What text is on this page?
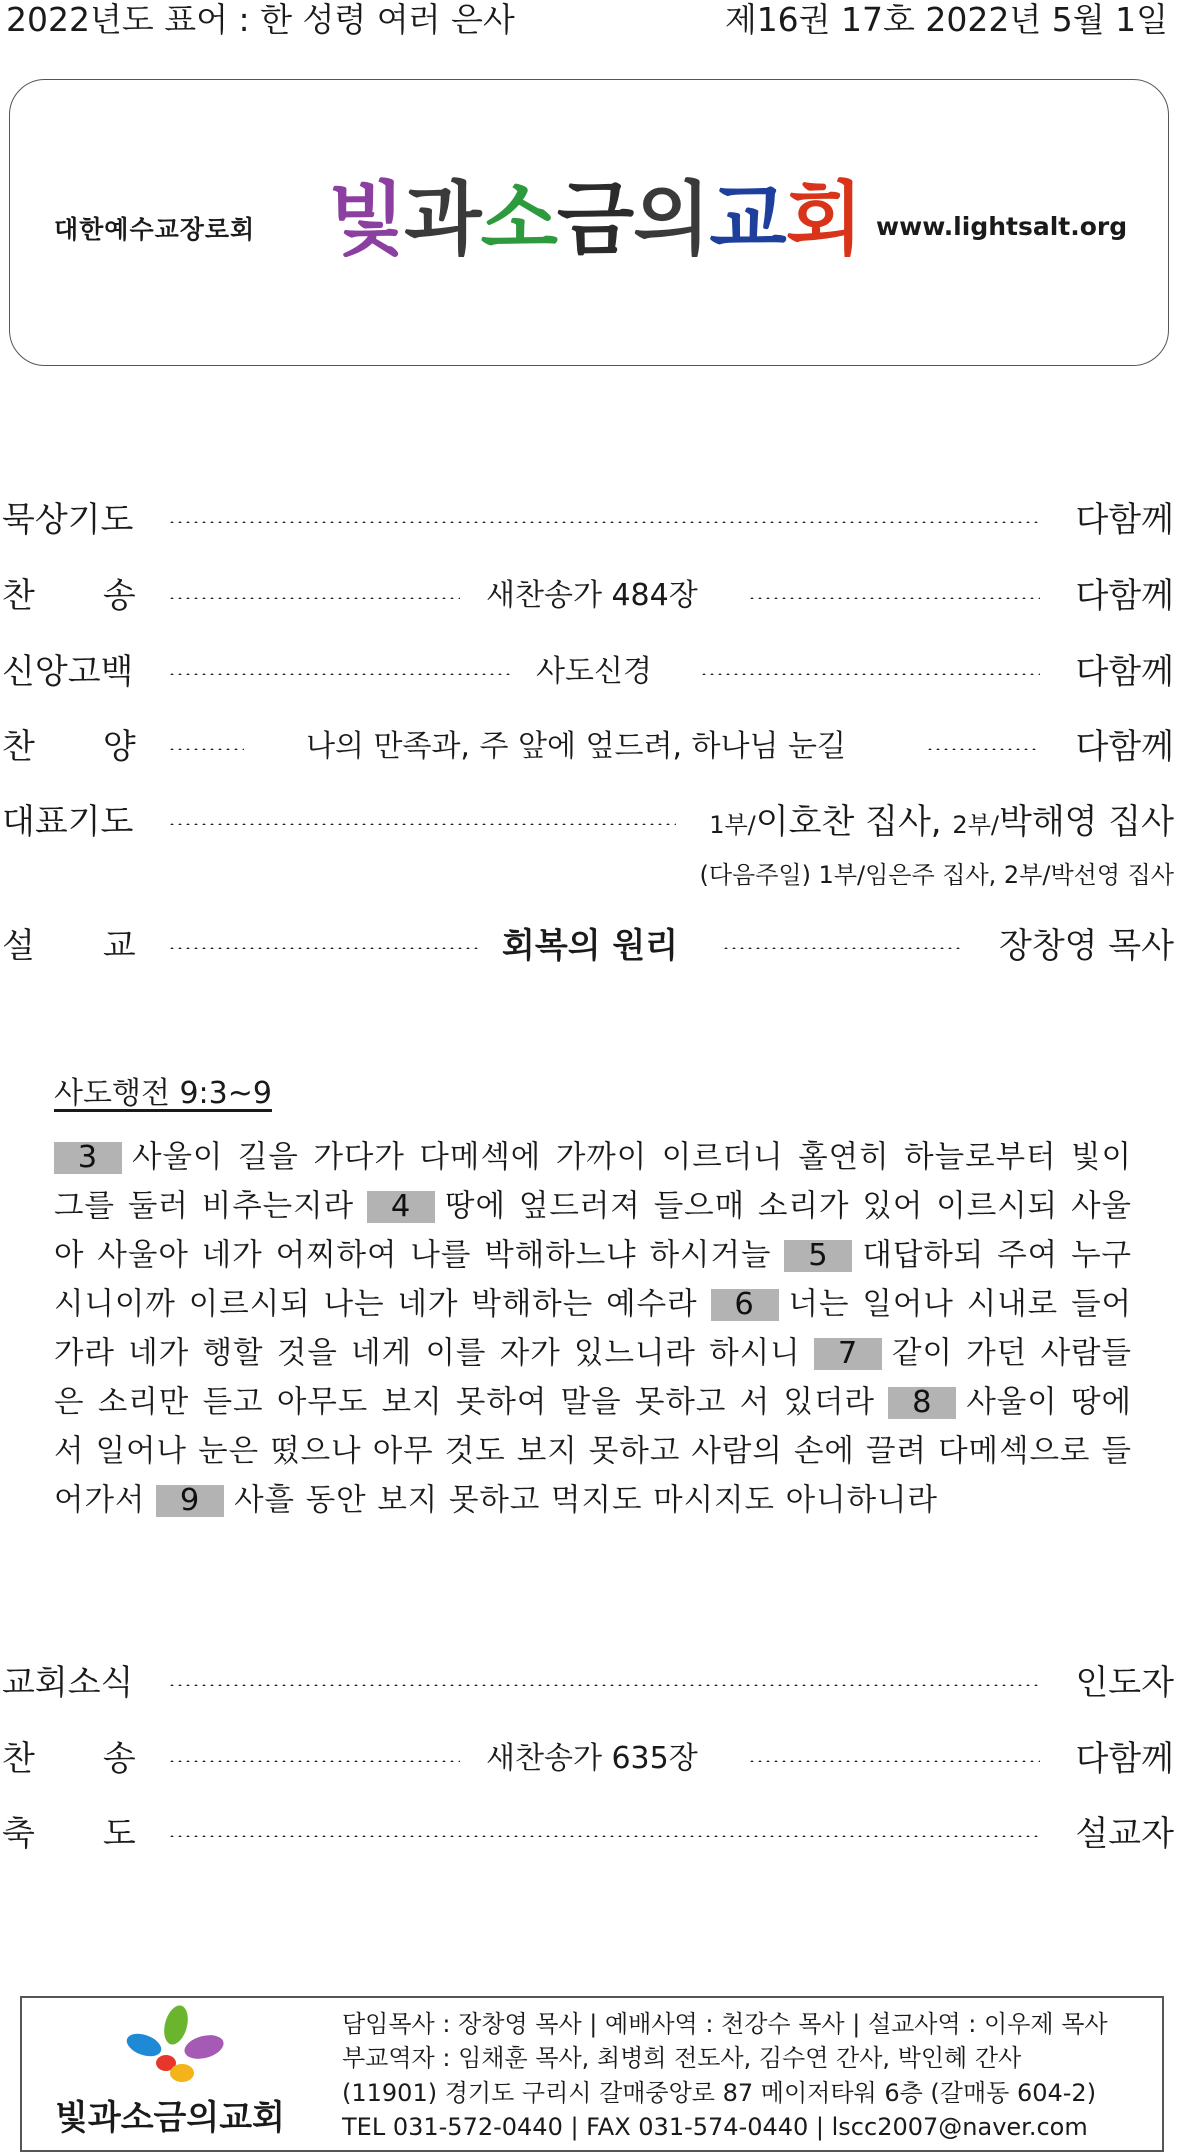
2022년도 표어 : 한 성령 여러 은사	제16권 17호 2022년 5월 1일
대한예수교장로회 빛과소금의교회 www.lightsalt.org
묵상기도	다함께
찬　　송	새찬송가 484장	다함께
신앙고백	사도신경	다함께
찬　　양	나의 만족과, 주 앞에 엎드려, 하나님 눈길	다함께
대표기도	1부/이호찬 집사, 2부/박해영 집사
(다음주일) 1부/임은주 집사, 2부/박선영 집사
설　　교	회복의 원리	장창영 목사
사도행전 9:3~9
3 사울이 길을 가다가 다메섹에 가까이 이르더니 홀연히 하늘로부터 빛이 그를 둘러 비추는지라 4 땅에 엎드러져 들으매 소리가 있어 이르시되 사울아 사울아 네가 어찌하여 나를 박해하느냐 하시거늘 5 대답하되 주여 누구시니이까 이르시되 나는 네가 박해하는 예수라 6 너는 일어나 시내로 들어가라 네가 행할 것을 네게 이를 자가 있느니라 하시니 7 같이 가던 사람들은 소리만 듣고 아무도 보지 못하여 말을 못하고 서 있더라 8 사울이 땅에서 일어나 눈은 떴으나 아무 것도 보지 못하고 사람의 손에 끌려 다메섹으로 들어가서 9 사흘 동안 보지 못하고 먹지도 마시지도 아니하니라
교회소식	인도자
찬　　송	새찬송가 635장	다함께
축　　도	설교자
빛과소금의교회
담임목사 : 장창영 목사 | 예배사역 : 천강수 목사 | 설교사역 : 이우제 목사
부교역자 : 임채훈 목사, 최병희 전도사, 김수연 간사, 박인혜 간사
(11901) 경기도 구리시 갈매중앙로 87 메이저타워 6층 (갈매동 604-2)
TEL 031-572-0440 | FAX 031-574-0440 | lscc2007@naver.com
